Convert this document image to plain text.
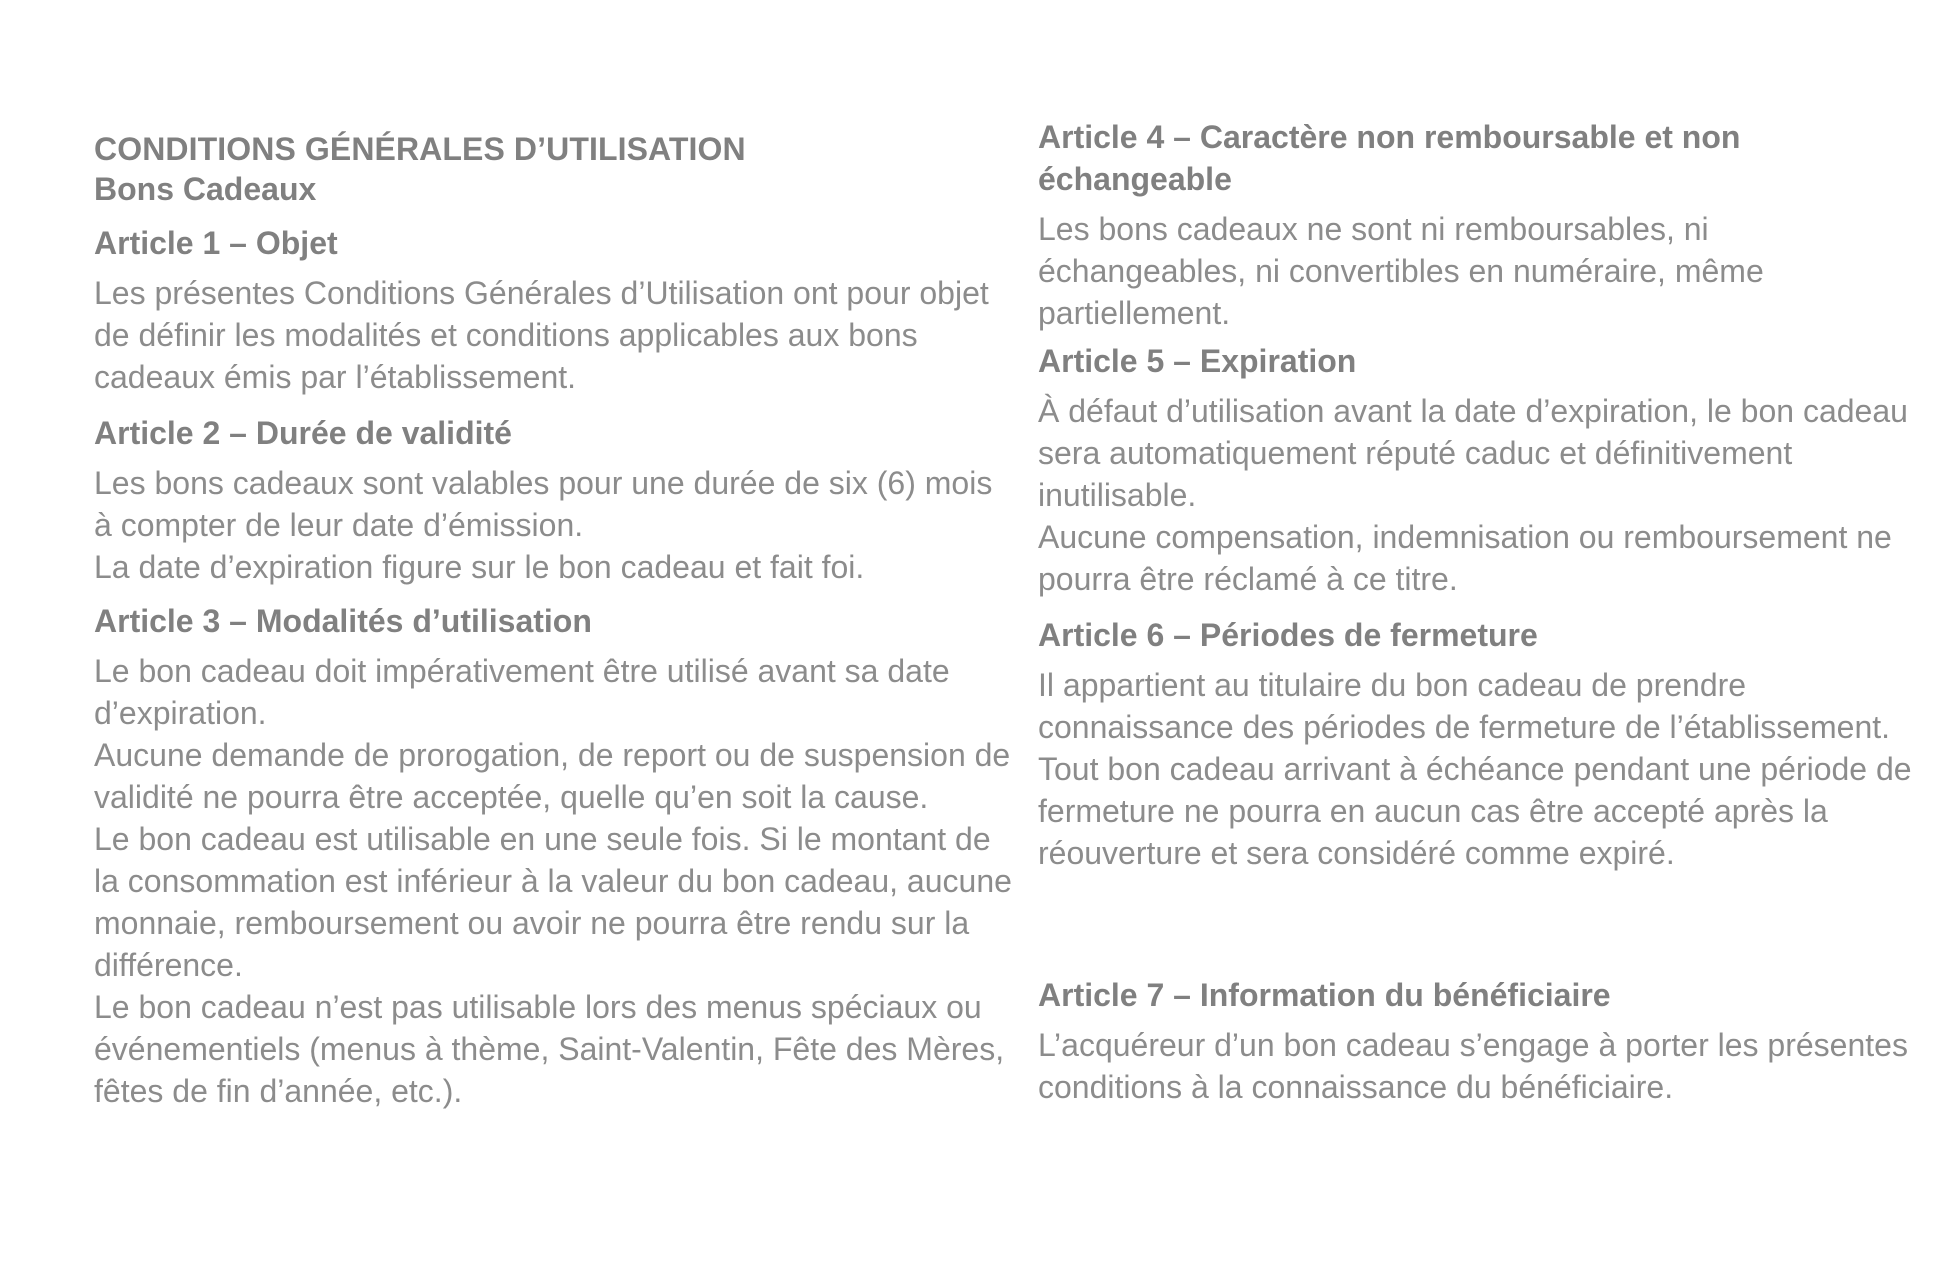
CONDITIONS GÉNÉRALES D’UTILISATION
Bons Cadeaux
Article 1 – Objet

Les présentes Conditions Générales d’Utilisation ont pour objet de définir les modalités et conditions applicables aux bons cadeaux émis par l’établissement.

Article 2 – Durée de validité

Les bons cadeaux sont valables pour une durée de six (6) mois à compter de leur date d’émission.

La date d’expiration figure sur le bon cadeau et fait foi.

Article 3 – Modalités d’utilisation

Le bon cadeau doit impérativement être utilisé avant sa date d’expiration.

Aucune demande de prorogation, de report ou de suspension de validité ne pourra être acceptée, quelle qu’en soit la cause.

Le bon cadeau est utilisable en une seule fois. Si le montant de la consommation est inférieur à la valeur du bon cadeau, aucune monnaie, remboursement ou avoir ne pourra être rendu sur la différence.

Le bon cadeau n’est pas utilisable lors des menus spéciaux ou événementiels (menus à thème, Saint-Valentin, Fête des Mères, fêtes de fin d’année, etc.).

Article 4 – Caractère non remboursable et non échangeable

Les bons cadeaux ne sont ni remboursables, ni échangeables, ni convertibles en numéraire, même partiellement.

Article 5 – Expiration

À défaut d’utilisation avant la date d’expiration, le bon cadeau sera automatiquement réputé caduc et définitivement inutilisable.

Aucune compensation, indemnisation ou remboursement ne pourra être réclamé à ce titre.

Article 6 – Périodes de fermeture

Il appartient au titulaire du bon cadeau de prendre connaissance des périodes de fermeture de l’établissement.

Tout bon cadeau arrivant à échéance pendant une période de fermeture ne pourra en aucun cas être accepté après la réouverture et sera considéré comme expiré.

Article 7 – Information du bénéficiaire

L’acquéreur d’un bon cadeau s’engage à porter les présentes conditions à la connaissance du bénéficiaire.
